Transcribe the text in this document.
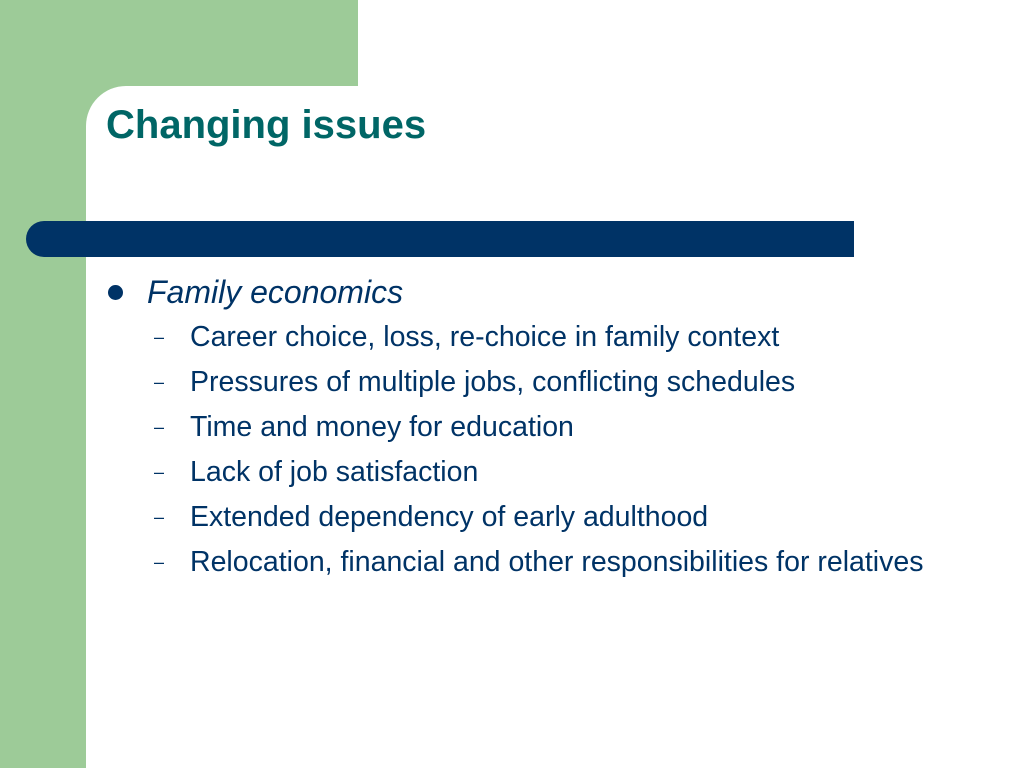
Changing issues
Family economics
– Career choice, loss, re-choice in family context
– Pressures of multiple jobs, conflicting schedules
– Time and money for education
– Lack of job satisfaction
– Extended dependency of early adulthood
– Relocation, financial and other responsibilities for relatives
